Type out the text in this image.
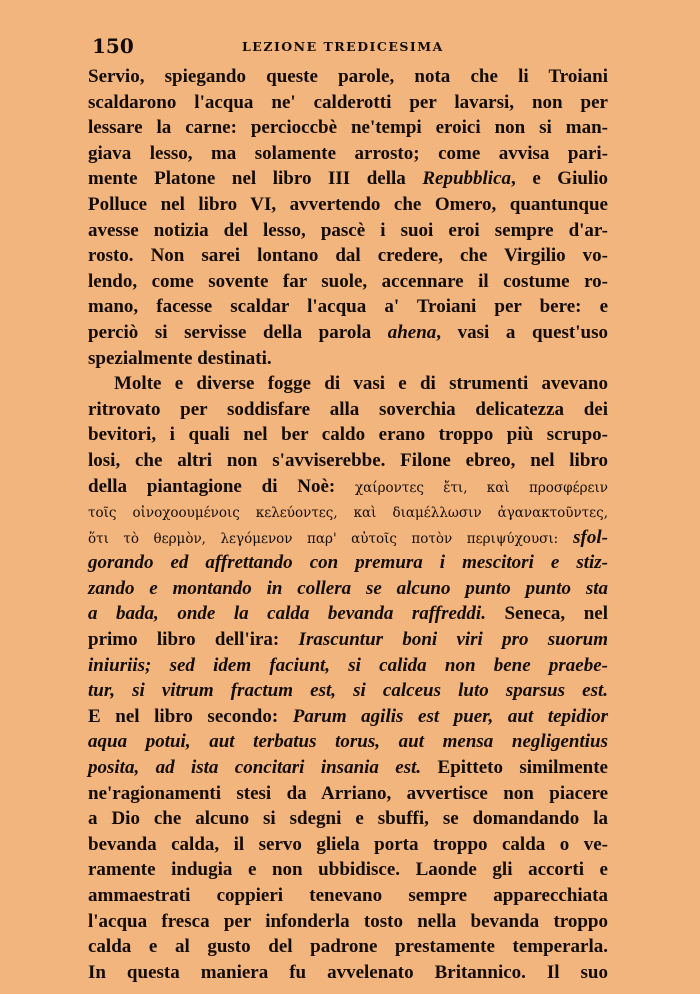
150	LEZIONE TREDICESIMA
Servio, spiegando queste parole, nota che li Troiani
scaldarono l'acqua ne' calderotti per lavarsi, non per
lessare la carne: percioccbè ne'tempi eroici non si man-
giava lesso, ma solamente arrosto; come avvisa pari-
mente Platone nel libro III della Repubblica, e Giulio
Polluce nel libro VI, avvertendo che Omero, quantunque
avesse notizia del lesso, pascè i suoi eroi sempre d'ar-
rosto. Non sarei lontano dal credere, che Virgilio vo-
lendo, come sovente far suole, accennare il costume ro-
mano, facesse scaldar l'acqua a' Troiani per bere: e
perciò si servisse della parola ahena, vasi a quest'uso
spezialmente destinati.
Molte e diverse fogge di vasi e di strumenti avevano
ritrovato per soddisfare alla soverchia delicatezza dei
bevitori, i quali nel ber caldo erano troppo più scrupo-
losi, che altri non s'avviserebbe. Filone ebreo, nel libro
della piantagione di Noè: χαίροντες ἔτι, καὶ προσφέρειν
τοῖς οἰνοχοουμένοις κελεύοντες, καὶ διαμέλλωσιν ἀγανακτοῦντες,
ὅτι τὸ θερμὸν, λεγόμενον παρ' αὐτοῖς ποτὸν περιψύχουσι: sfol-
gorando ed affrettando con premura i mescitori e stiz-
zando e montando in collera se alcuno punto punto sta
a bada, onde la calda bevanda raffreddi. Seneca, nel
primo libro dell'ira: Irascuntur boni viri pro suorum
iniuriis; sed idem faciunt, si calida non bene praebe-
tur, si vitrum fractum est, si calceus luto sparsus est.
E nel libro secondo: Parum agilis est puer, aut tepidior
aqua potui, aut terbatus torus, aut mensa negligentius
posita, ad ista concitari insania est. Epitteto similmente
ne'ragionamenti stesi da Arriano, avvertisce non piacere
a Dio che alcuno si sdegni e sbuffi, se domandando la
bevanda calda, il servo gliela porta troppo calda o ve-
ramente indugia e non ubbidisce. Laonde gli accorti e
ammaestrati coppieri tenevano sempre apparecchiata
l'acqua fresca per infonderla tosto nella bevanda troppo
calda e al gusto del padrone prestamente temperarla.
In questa maniera fu avvelenato Britannico. Il suo
